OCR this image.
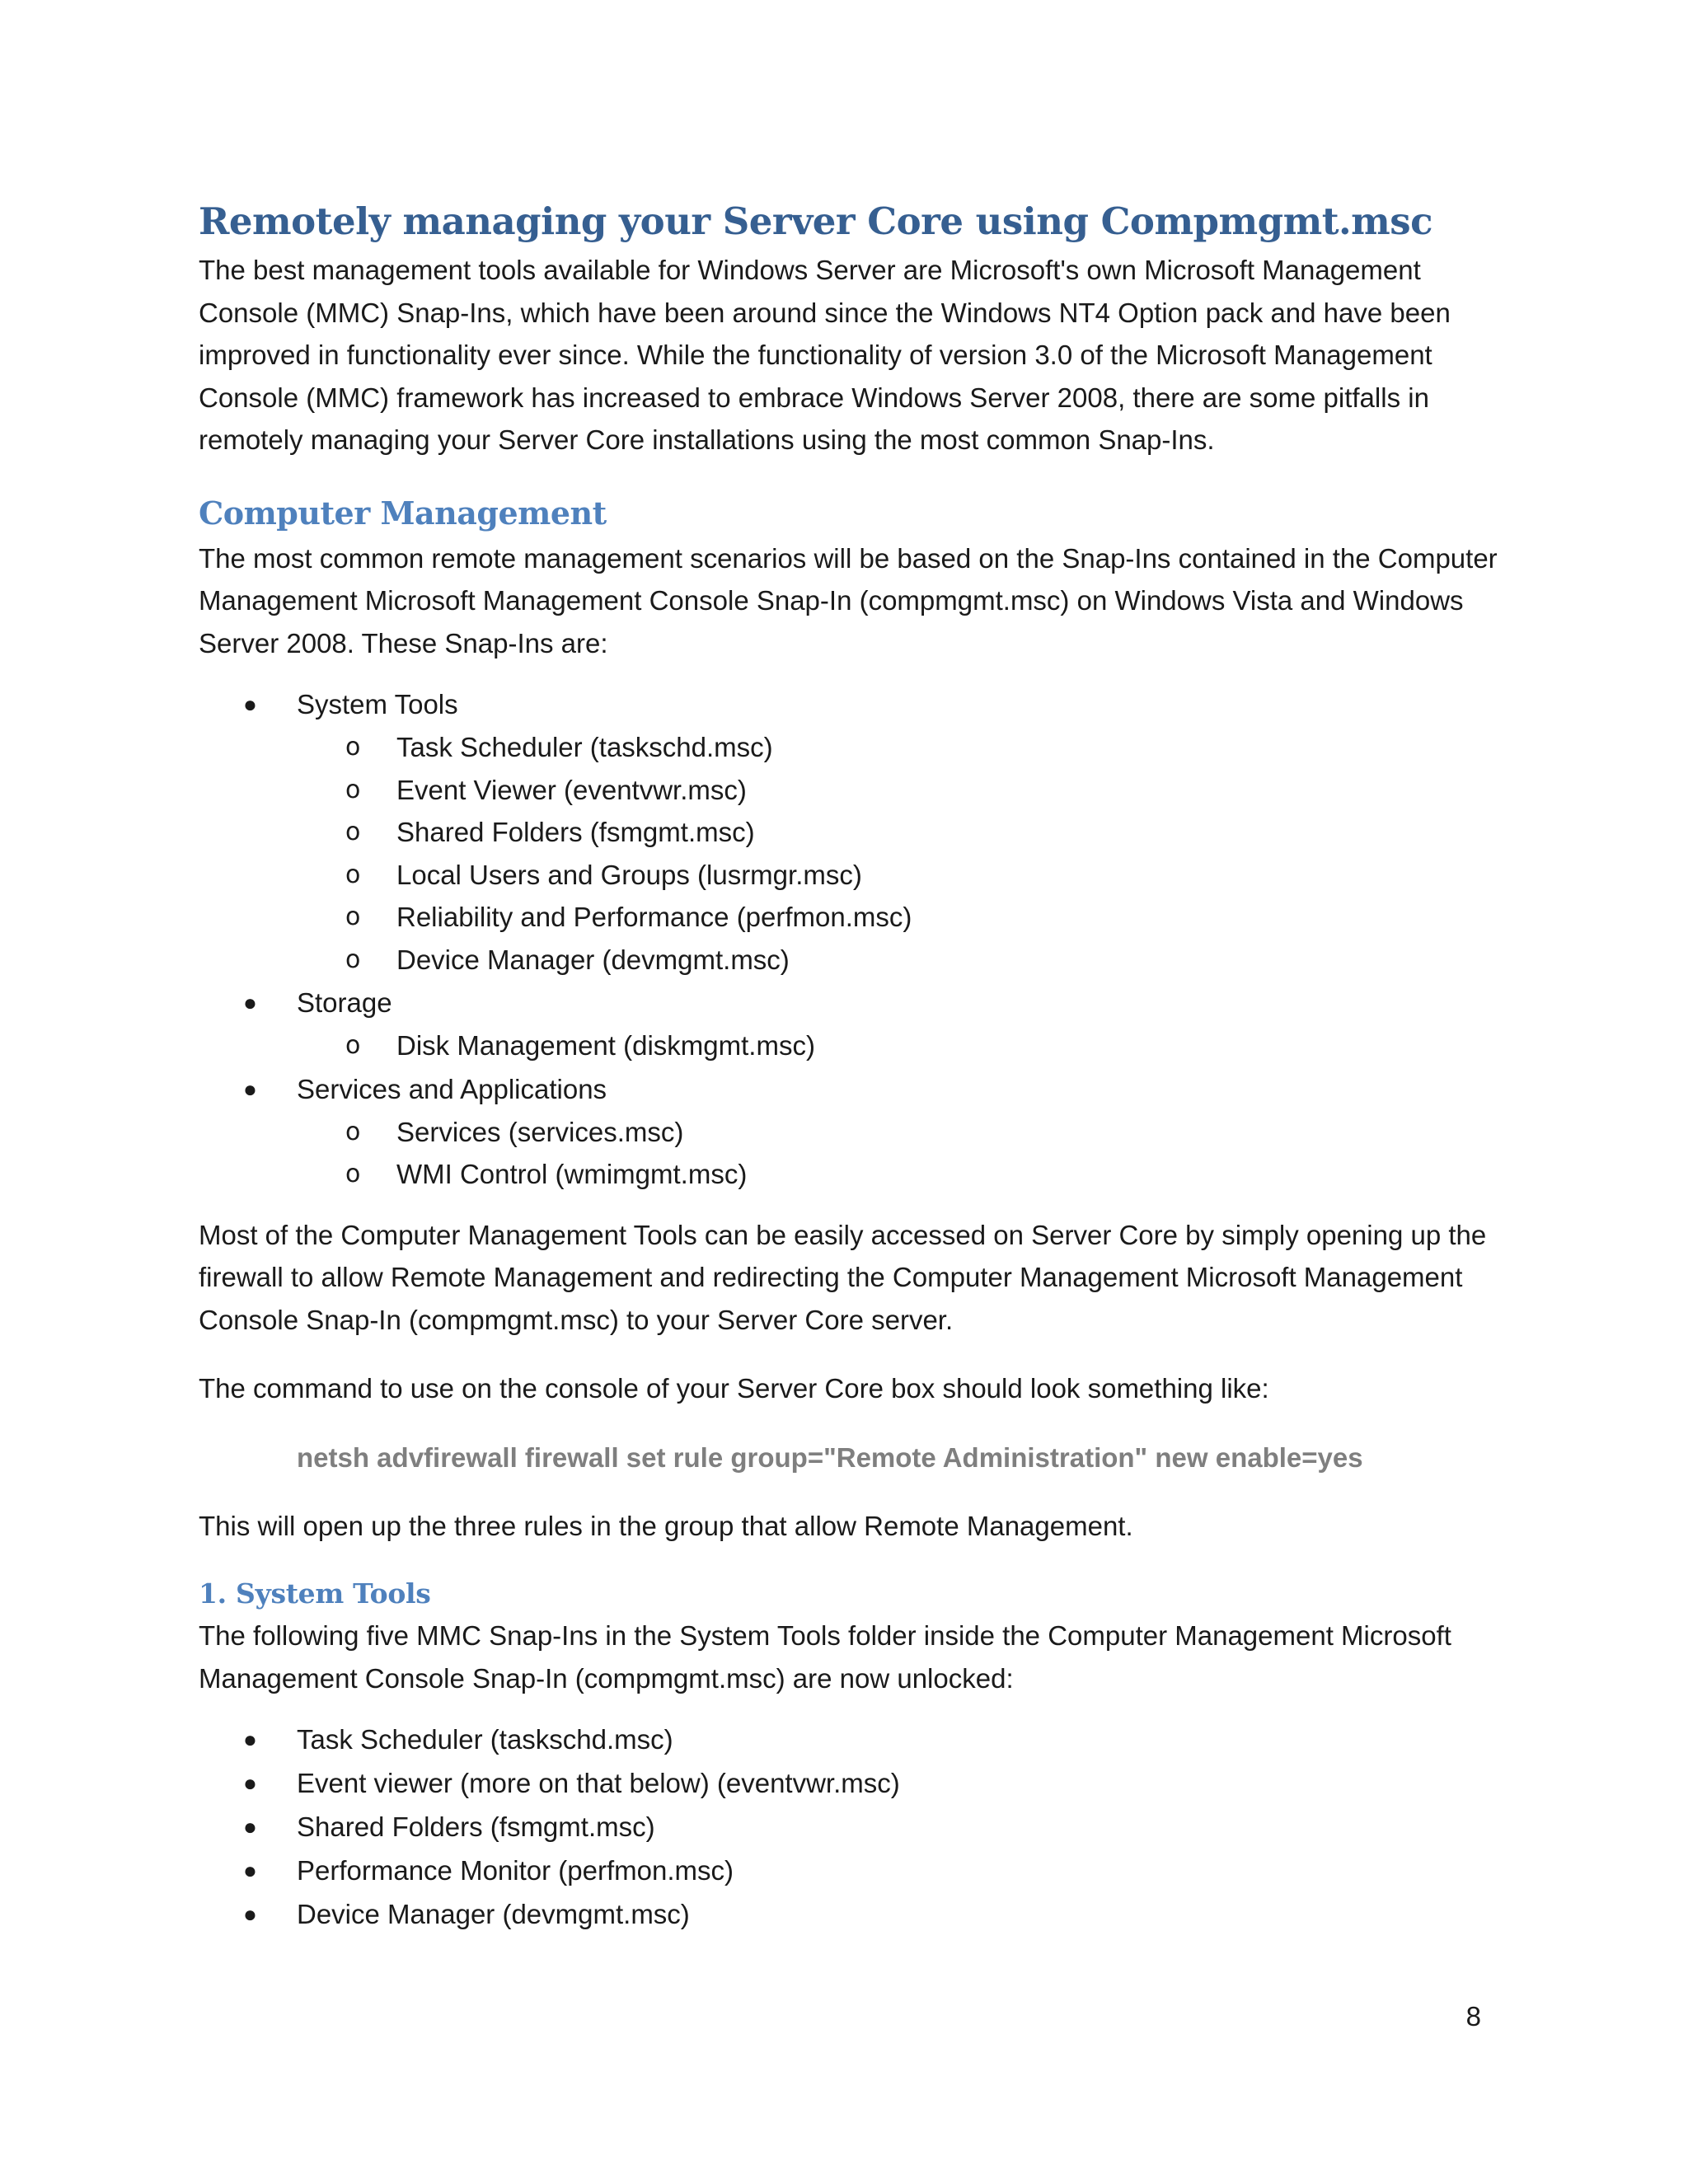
Remotely managing your Server Core using Compmgmt.msc

The best management tools available for Windows Server are Microsoft's own Microsoft Management Console (MMC) Snap-Ins, which have been around since the Windows NT4 Option pack and have been improved in functionality ever since. While the functionality of version 3.0 of the Microsoft Management Console (MMC) framework has increased to embrace Windows Server 2008, there are some pitfalls in remotely managing your Server Core installations using the most common Snap-Ins.

Computer Management

The most common remote management scenarios will be based on the Snap-Ins contained in the Computer Management Microsoft Management Console Snap-In (compmgmt.msc) on Windows Vista and Windows Server 2008. These Snap-Ins are:

● System Tools
o Task Scheduler (taskschd.msc)
o Event Viewer (eventvwr.msc)
o Shared Folders (fsmgmt.msc)
o Local Users and Groups (lusrmgr.msc)
o Reliability and Performance (perfmon.msc)
o Device Manager (devmgmt.msc)
● Storage
o Disk Management (diskmgmt.msc)
● Services and Applications
o Services (services.msc)
o WMI Control (wmimgmt.msc)

Most of the Computer Management Tools can be easily accessed on Server Core by simply opening up the firewall to allow Remote Management and redirecting the Computer Management Microsoft Management Console Snap-In (compmgmt.msc) to your Server Core server.

The command to use on the console of your Server Core box should look something like:

netsh advfirewall firewall set rule group="Remote Administration" new enable=yes

This will open up the three rules in the group that allow Remote Management.

1. System Tools

The following five MMC Snap-Ins in the System Tools folder inside the Computer Management Microsoft Management Console Snap-In (compmgmt.msc) are now unlocked:

● Task Scheduler (taskschd.msc)
● Event viewer (more on that below) (eventvwr.msc)
● Shared Folders (fsmgmt.msc)
● Performance Monitor (perfmon.msc)
● Device Manager (devmgmt.msc)
8
